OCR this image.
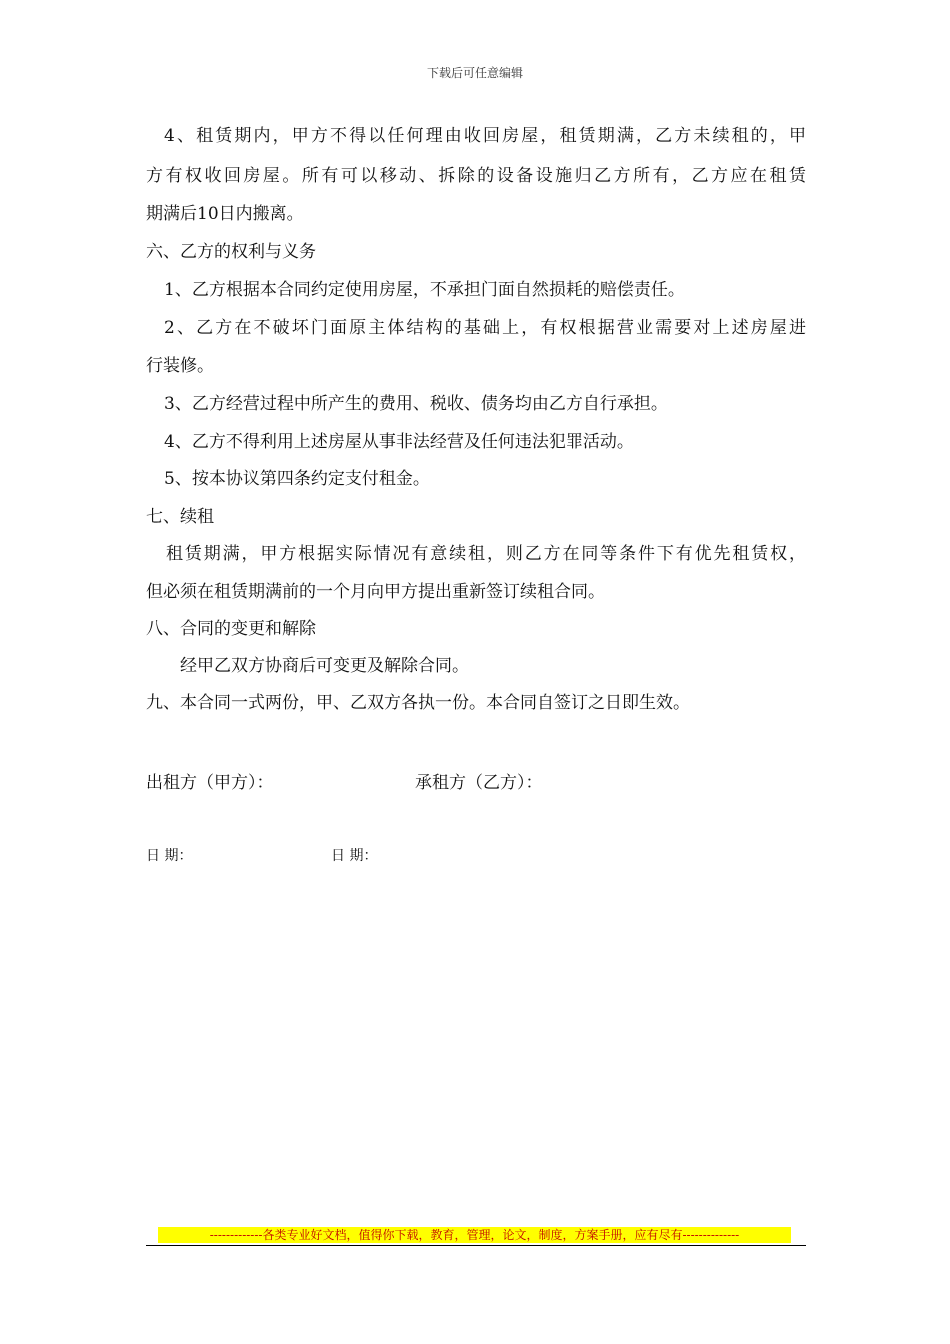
下载后可任意编辑
4、租赁期内，甲方不得以任何理由收回房屋，租赁期满，乙方未续租的，甲
方有权收回房屋。所有可以移动、拆除的设备设施归乙方所有，乙方应在租赁
期满后10日内搬离。
六、乙方的权利与义务
1、乙方根据本合同约定使用房屋，不承担门面自然损耗的赔偿责任。
2、乙方在不破坏门面原主体结构的基础上，有权根据营业需要对上述房屋进
行装修。
3、乙方经营过程中所产生的费用、税收、债务均由乙方自行承担。
4、乙方不得利用上述房屋从事非法经营及任何违法犯罪活动。
5、按本协议第四条约定支付租金。
七、续租
租赁期满，甲方根据实际情况有意续租，则乙方在同等条件下有优先租赁权，
但必须在租赁期满前的一个月向甲方提出重新签订续租合同。
八、合同的变更和解除
经甲乙双方协商后可变更及解除合同。
九、本合同一式两份，甲、乙双方各执一份。本合同自签订之日即生效。
出租方（甲方）：	承租方（乙方）：
日 期：	日 期：
-------------各类专业好文档，值得你下载，教育，管理，论文，制度，方案手册，应有尽有--------------
